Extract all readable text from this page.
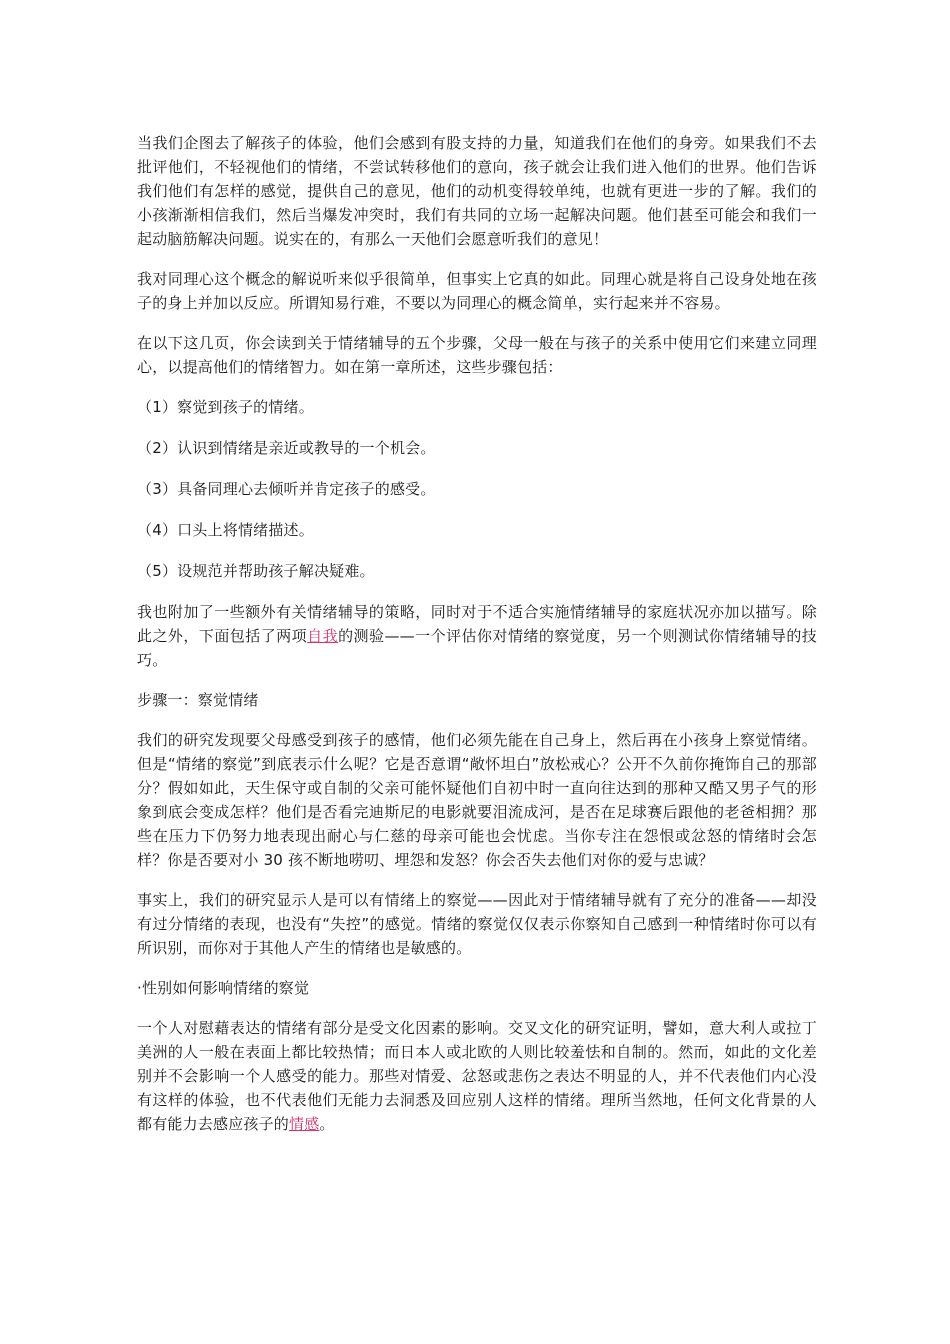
当我们企图去了解孩子的体验，他们会感到有股支持的力量，知道我们在他们的身旁。如果我们不去批评他们，不轻视他们的情绪，不尝试转移他们的意向，孩子就会让我们进入他们的世界。他们告诉我们他们有怎样的感觉，提供自己的意见，他们的动机变得较单纯，也就有更进一步的了解。我们的小孩渐渐相信我们，然后当爆发冲突时，我们有共同的立场一起解决问题。他们甚至可能会和我们一起动脑筋解决问题。说实在的，有那么一天他们会愿意听我们的意见！

我对同理心这个概念的解说听来似乎很简单，但事实上它真的如此。同理心就是将自己设身处地在孩子的身上并加以反应。所谓知易行难，不要以为同理心的概念简单，实行起来并不容易。

在以下这几页，你会读到关于情绪辅导的五个步骤，父母一般在与孩子的关系中使用它们来建立同理心，以提高他们的情绪智力。如在第一章所述，这些步骤包括：

（1）察觉到孩子的情绪。

（2）认识到情绪是亲近或教导的一个机会。

（3）具备同理心去倾听并肯定孩子的感受。

（4）口头上将情绪描述。

（5）设规范并帮助孩子解决疑难。

我也附加了一些额外有关情绪辅导的策略，同时对于不适合实施情绪辅导的家庭状况亦加以描写。除此之外，下面包括了两项自我的测验——一个评估你对情绪的察觉度，另一个则测试你情绪辅导的技巧。

步骤一：察觉情绪

我们的研究发现要父母感受到孩子的感情，他们必须先能在自己身上，然后再在小孩身上察觉情绪。但是“情绪的察觉”到底表示什么呢？它是否意谓“敞怀坦白”放松戒心？公开不久前你掩饰自己的那部分？假如如此，天生保守或自制的父亲可能怀疑他们自初中时一直向往达到的那种又酷又男子气的形象到底会变成怎样？他们是否看完迪斯尼的电影就要泪流成河，是否在足球赛后跟他的老爸相拥？那些在压力下仍努力地表现出耐心与仁慈的母亲可能也会忧虑。当你专注在怨恨或忿怒的情绪时会怎样？你是否要对小 30 孩不断地唠叨、埋怨和发怒？你会否失去他们对你的爱与忠诚？

事实上，我们的研究显示人是可以有情绪上的察觉——因此对于情绪辅导就有了充分的准备——却没有过分情绪的表现，也没有“失控”的感觉。情绪的察觉仅仅表示你察知自己感到一种情绪时你可以有所识别，而你对于其他人产生的情绪也是敏感的。

·性别如何影响情绪的察觉

一个人对慰藉表达的情绪有部分是受文化因素的影响。交叉文化的研究证明，譬如，意大利人或拉丁美洲的人一般在表面上都比较热情；而日本人或北欧的人则比较羞怯和自制的。然而，如此的文化差别并不会影响一个人感受的能力。那些对情爱、忿怒或悲伤之表达不明显的人，并不代表他们内心没有这样的体验，也不代表他们无能力去洞悉及回应别人这样的情绪。理所当然地，任何文化背景的人都有能力去感应孩子的情感。
